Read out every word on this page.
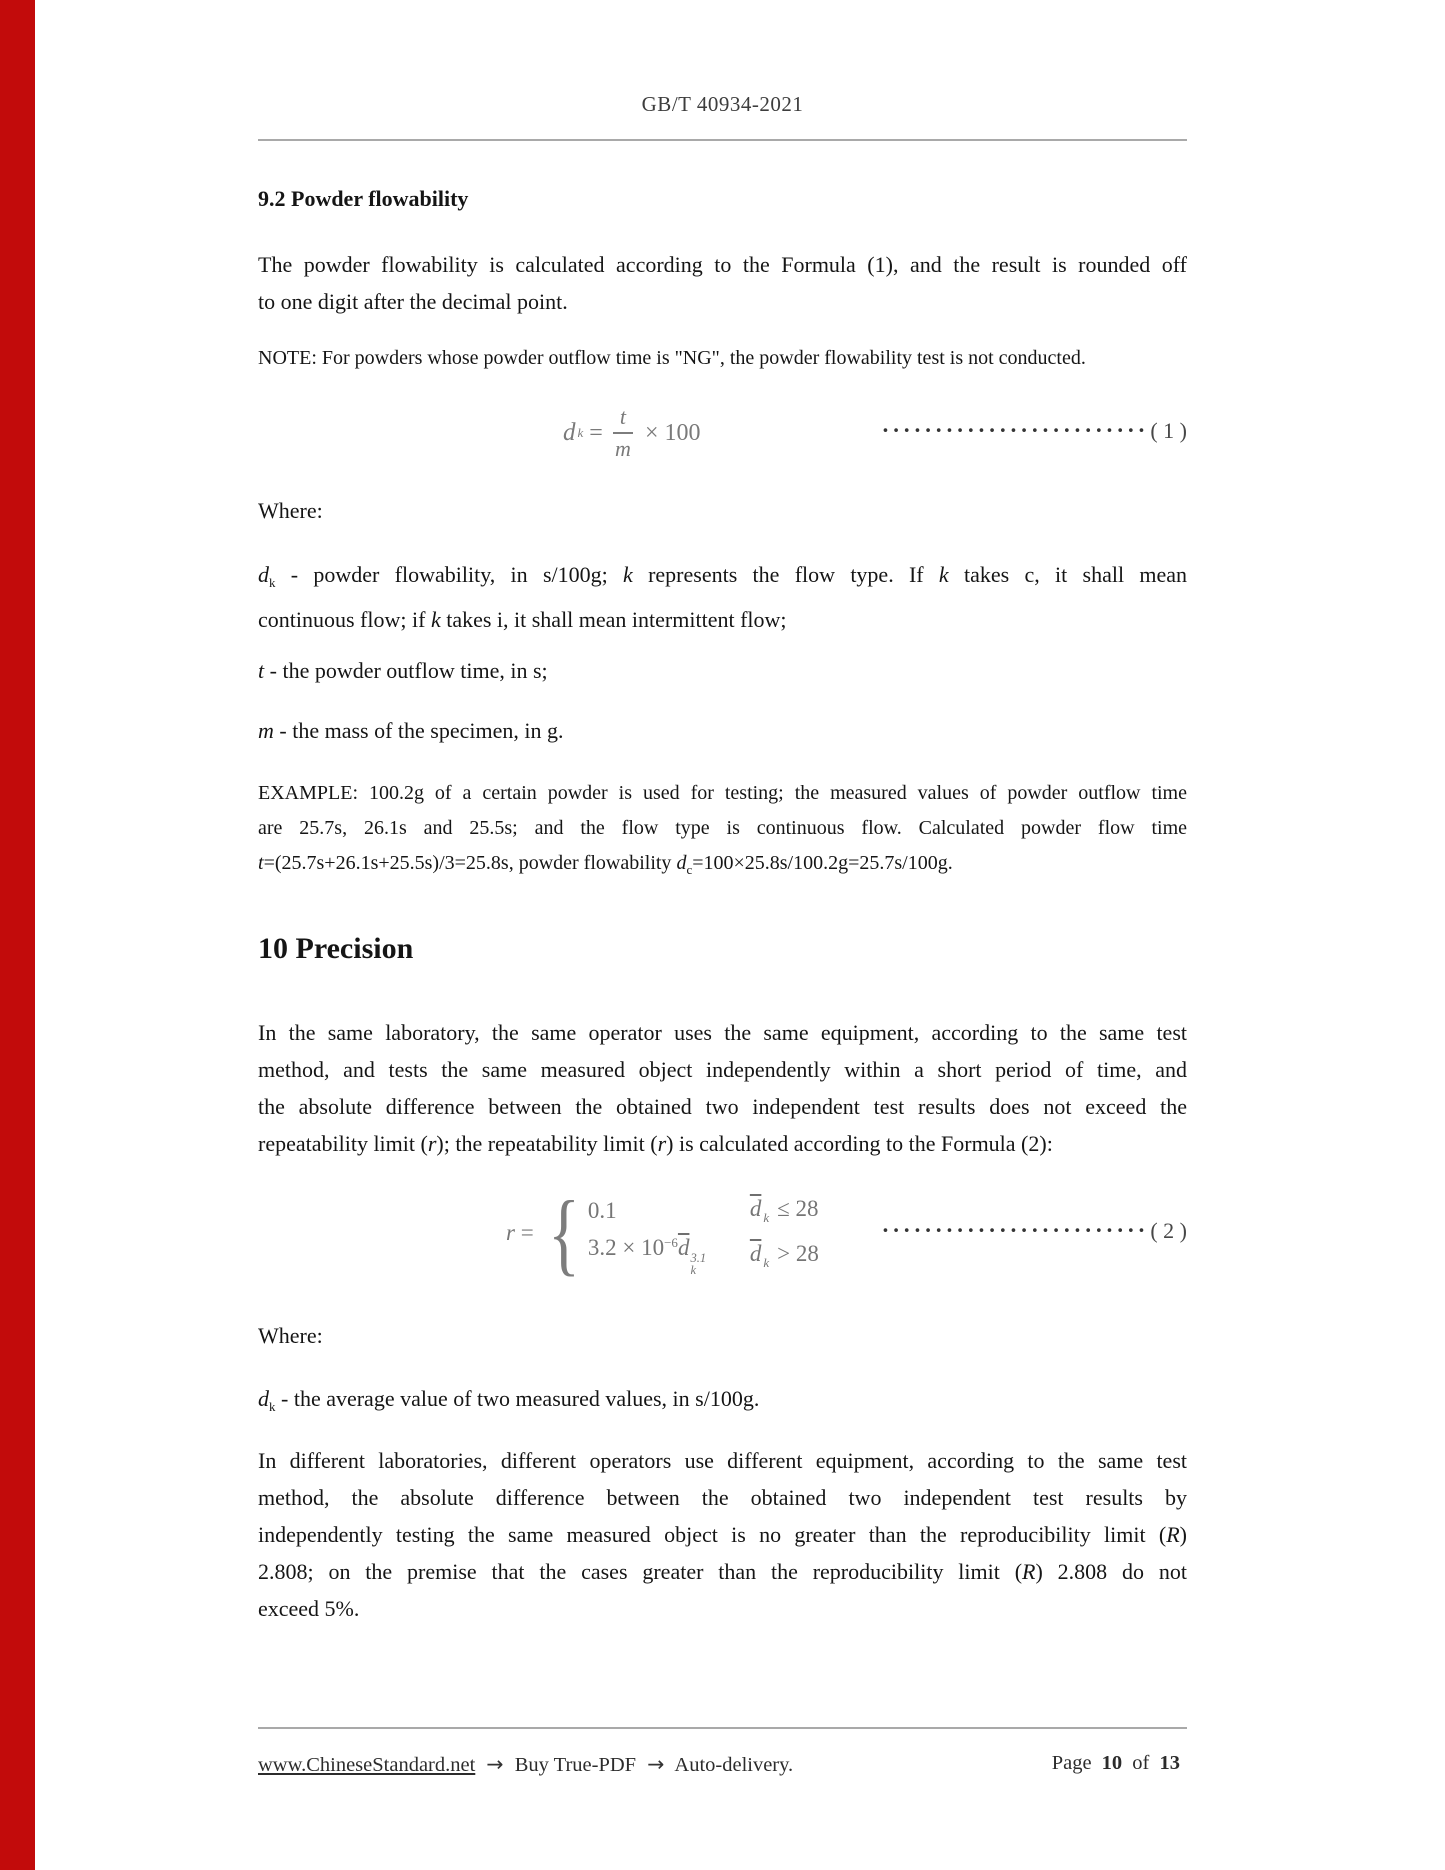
GB/T 40934-2021
9.2 Powder flowability
The powder flowability is calculated according to the Formula (1), and the result is rounded off
to one digit after the decimal point.
NOTE: For powders whose powder outflow time is "NG", the powder flowability test is not conducted.
d $k = \frac{t}{m} \times 100$	·························( 1 )
Where:
$d_k$ - powder flowability, in s/100g; k represents the flow type. If k takes c, it shall mean
continuous flow; if k takes i, it shall mean intermittent flow;
t - the powder outflow time, in s;
m - the mass of the specimen, in g.
EXAMPLE: 100.2g of a certain powder is used for testing; the measured values of powder outflow time
are 25.7s, 26.1s and 25.5s; and the flow type is continuous flow. Calculated powder flow time
t=(25.7s+26.1s+25.5s)/3=25.8s, powder flowability $d_c=100\times 25.8s/100.2g=25.7s/100g$.
10 Precision
In the same laboratory, the same operator uses the same equipment, according to the same test
method, and tests the same measured object independently within a short period of time, and
the absolute difference between the obtained two independent test results does not exceed the
repeatability limit (r); the repeatability limit (r) is calculated according to the Formula (2):
r = { 0.1	$\overline{d}$ $_k$ ≤ 28
$3.2 \times 10^{-6}\overline{d}$ 3.1
k
$\overline{d}$ $_k$ > 28
·························( 2 )
Where:
$d_k$ - the average value of two measured values, in s/100g.
In different laboratories, different operators use different equipment, according to the same test
method, the absolute difference between the obtained two independent test results by
independently testing the same measured object is no greater than the reproducibility limit (R)
2.808; on the premise that the cases greater than the reproducibility limit (R) 2.808 do not
exceed 5%.
www.ChineseStandard.net → Buy True-PDF → Auto-delivery.	Page 10 of 13
